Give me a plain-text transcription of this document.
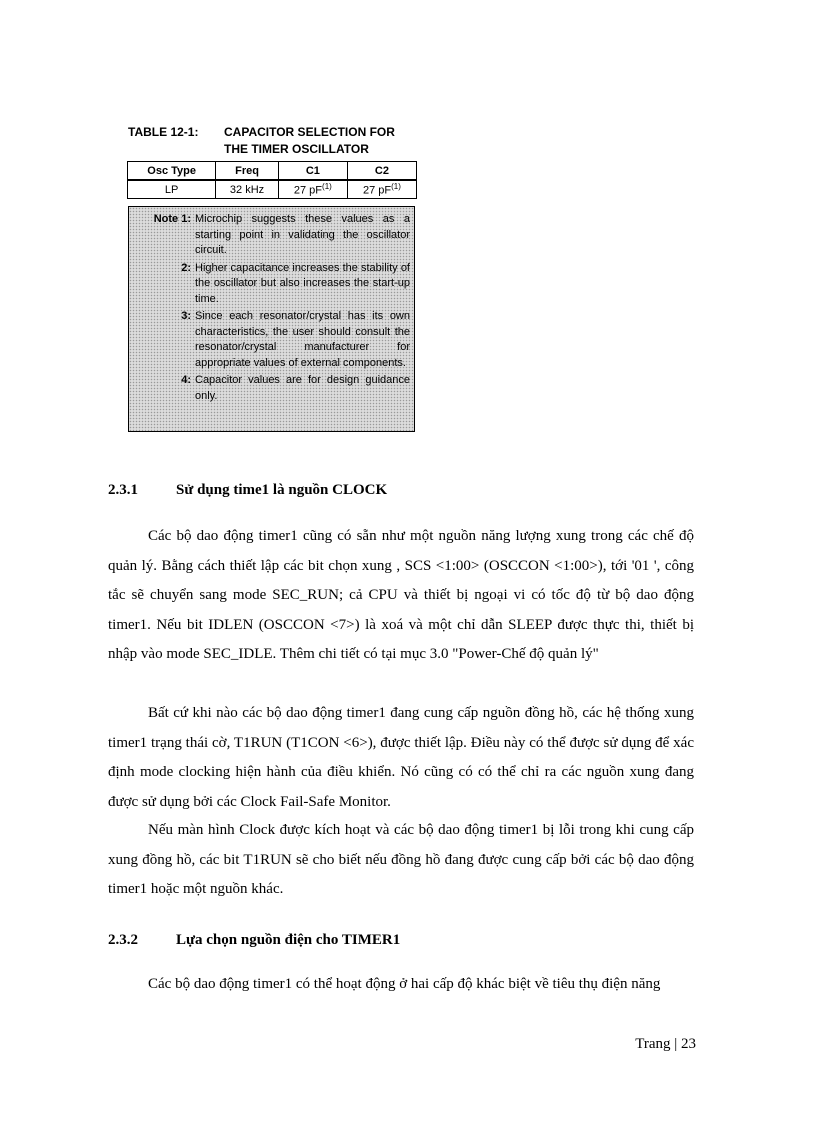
TABLE 12-1: CAPACITOR SELECTION FOR
THE TIMER OSCILLATOR
Osc Type	Freq	C1	C2
LP	32 kHz	27 $pF^{(1)}$	27 $pF^{(1)}$
Note 1: Microchip suggests these values as a starting point in validating the oscillator circuit.
2: Higher capacitance increases the stability of the oscillator but also increases the start-up time.
3: Since each resonator/crystal has its own characteristics, the user should consult the resonator/crystal manufacturer for appropriate values of external components.
4: Capacitor values are for design guidance only.
2.3.1	Sử dụng time1 là nguồn CLOCK

Các bộ dao động timer1 cũng có sẵn như một nguồn năng lượng xung trong các chế độ quản lý. Bằng cách thiết lập các bit chọn xung , SCS <1:00> (OSCCON <1:00>), tới '01 ', công tắc sẽ chuyển sang mode SEC_RUN; cả CPU và thiết bị ngoại vi có tốc độ từ bộ dao động timer1. Nếu bit IDLEN (OSCCON <7>) là xoá và một chỉ dẫn SLEEP được thực thi, thiết bị nhập vào mode SEC_IDLE. Thêm chi tiết có tại mục 3.0 "Power-Chế độ quản lý"

Bất cứ khi nào các bộ dao động timer1 đang cung cấp nguồn đồng hồ, các hệ thống xung timer1 trạng thái cờ, T1RUN (T1CON <6>), được thiết lập. Điều này có thể được sử dụng để xác định mode clocking hiện hành của điều khiển. Nó cũng có có thể chỉ ra các nguồn xung đang được sử dụng bởi các Clock Fail-Safe Monitor.

Nếu màn hình Clock được kích hoạt và các bộ dao động timer1 bị lỗi trong khi cung cấp xung đồng hồ, các bit T1RUN sẽ cho biết nếu đồng hồ đang được cung cấp bởi các bộ dao động timer1 hoặc một nguồn khác.

2.3.2	Lựa chọn nguồn điện cho TIMER1

Các bộ dao động timer1 có thể hoạt động ở hai cấp độ khác biệt về tiêu thụ điện năng

Trang | 23
